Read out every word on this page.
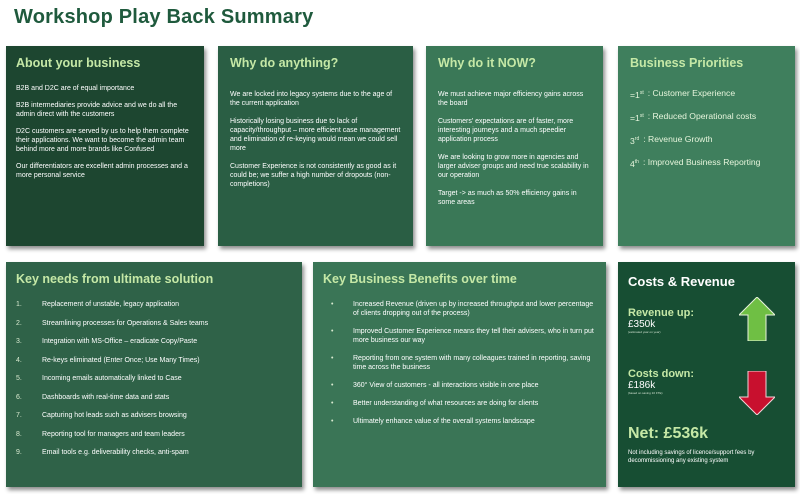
Workshop Play Back Summary
About your business

B2B and D2C are of equal importance

B2B intermediaries provide advice and we do all the admin direct with the customers

D2C customers are served by us to help them complete their applications. We want to become the admin team behind more and more brands like Confused

Our differentiators are excellent admin processes and a more personal service

Why do anything?

We are locked into legacy systems due to the age of the current application

Historically losing business due to lack of capacity/throughput – more efficient case management and elimination of re-keying would mean we could sell more

Customer Experience is not consistently as good as it could be; we suffer a high number of dropouts (non-completions)

Why do it NOW?

We must achieve major efficiency gains across the board

Customers' expectations are of faster, more interesting journeys and a much speedier application process

We are looking to grow more in agencies and larger adviser groups and need true scalability in our operation

Target -> as much as 50% efficiency gains in some areas

Business Priorities
=1st : Customer Experience
=1st : Reduced Operational costs
3rd : Revenue Growth
4th : Improved Business Reporting
Key needs from ultimate solution
1.	Replacement of unstable, legacy application
2.	Streamlining processes for Operations & Sales teams
3.	Integration with MS-Office – eradicate Copy/Paste
4.	Re-keys eliminated (Enter Once; Use Many Times)
5.	Incoming emails automatically linked to Case
6.	Dashboards with real-time data and stats
7.	Capturing hot leads such as advisers browsing
8.	Reporting tool for managers and team leaders
9.	Email tools e.g. deliverability checks, anti-spam
Key Business Benefits over time
•	Increased Revenue (driven up by increased throughput and lower percentage of clients dropping out of the process)
•	Improved Customer Experience means they tell their advisers, who in turn put more business our way
•	Reporting from one system with many colleagues trained in reporting, saving time across the business
•	360° View of customers - all interactions visible in one place
•	Better understanding of what resources are doing for clients
•	Ultimately enhance value of the overall systems landscape
Costs & Revenue
Revenue up:
£350k
(estimated year on year)
Costs down:
£186k
(based on saving 10 FTE)
Net: £536k
Not including savings of licence/support fees by decommissioning any existing system
